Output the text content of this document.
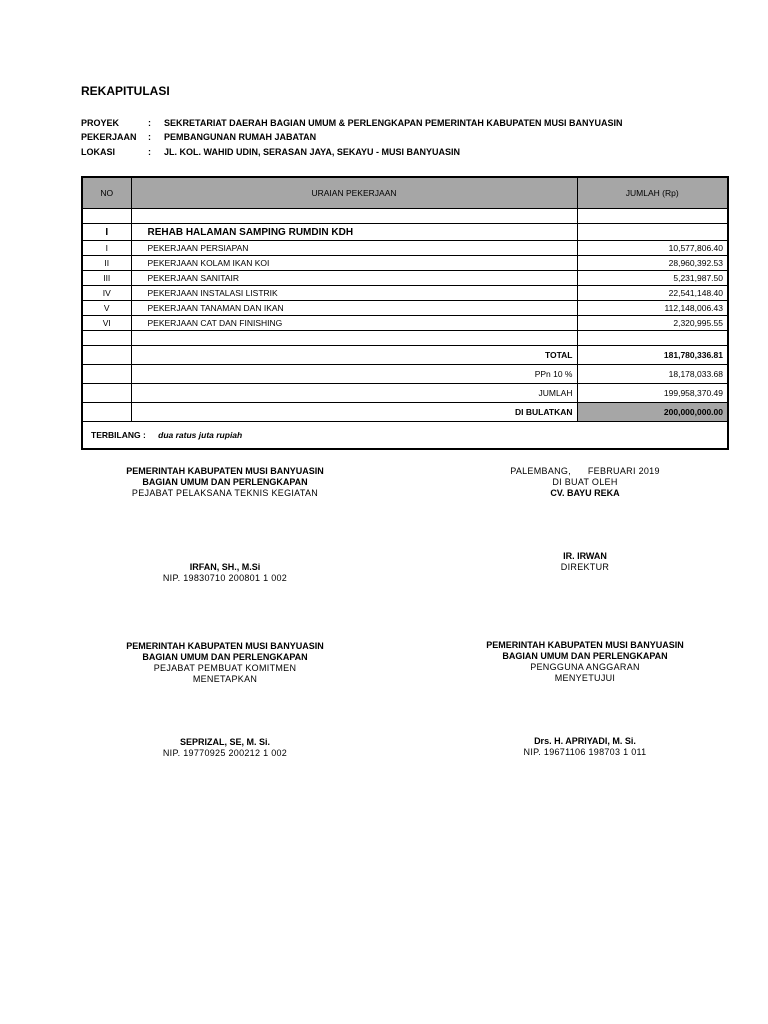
REKAPITULASI
PROYEK	: SEKRETARIAT DAERAH BAGIAN UMUM & PERLENGKAPAN PEMERINTAH KABUPATEN MUSI BANYUASIN
PEKERJAAN	: PEMBANGUNAN RUMAH JABATAN
LOKASI	: JL. KOL. WAHID UDIN, SERASAN JAYA, SEKAYU - MUSI BANYUASIN
NO	URAIAN PEKERJAAN	JUMLAH (Rp)

I	REHAB HALAMAN SAMPING RUMDIN KDH	
I	PEKERJAAN PERSIAPAN	10,577,806.40
II	PEKERJAAN KOLAM IKAN KOI	28,960,392.53
III	PEKERJAAN SANITAIR	5,231,987.50
IV	PEKERJAAN INSTALASI LISTRIK	22,541,148.40
V	PEKERJAAN TANAMAN DAN IKAN	112,148,006.43
VI	PEKERJAAN CAT DAN FINISHING	2,320,995.55

	TOTAL	181,780,336.81
	PPn 10 %	18,178,033.68
	JUMLAH	199,958,370.49
	DI BULATKAN	200,000,000.00
TERBILANG : dua ratus juta rupiah		
PEMERINTAH KABUPATEN MUSI BANYUASIN
BAGIAN UMUM DAN PERLENGKAPAN
PEJABAT PELAKSANA TEKNIS KEGIATAN
IRFAN, SH., M.Si
NIP. 19830710 200801 1 002
PALEMBANG, FEBRUARI 2019
DI BUAT OLEH
CV. BAYU REKA
IR. IRWAN
DIREKTUR
PEMERINTAH KABUPATEN MUSI BANYUASIN
BAGIAN UMUM DAN PERLENGKAPAN
PEJABAT PEMBUAT KOMITMEN
MENETAPKAN
SEPRIZAL, SE, M. Si.
NIP. 19770925 200212 1 002
PEMERINTAH KABUPATEN MUSI BANYUASIN
BAGIAN UMUM DAN PERLENGKAPAN
PENGGUNA ANGGARAN
MENYETUJUI
Drs. H. APRIYADI, M. Si.
NIP. 19671106 198703 1 011
